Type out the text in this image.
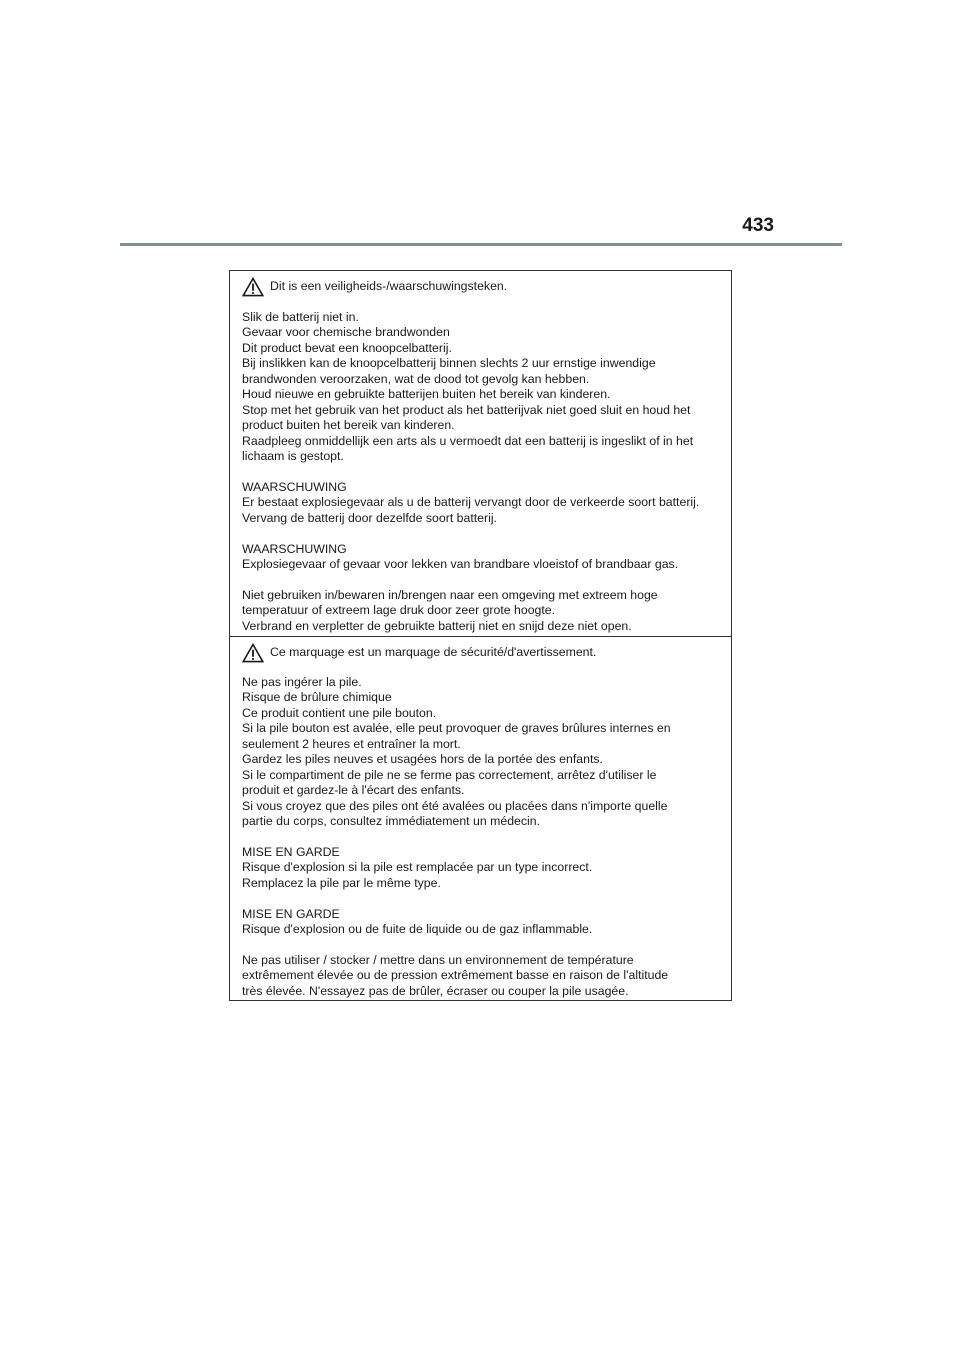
433
Dit is een veiligheids-/waarschuwingsteken.
Slik de batterij niet in.
Gevaar voor chemische brandwonden
Dit product bevat een knoopcelbatterij.
Bij inslikken kan de knoopcelbatterij binnen slechts 2 uur ernstige inwendige
brandwonden veroorzaken, wat de dood tot gevolg kan hebben.
Houd nieuwe en gebruikte batterijen buiten het bereik van kinderen.
Stop met het gebruik van het product als het batterijvak niet goed sluit en houd het
product buiten het bereik van kinderen.
Raadpleeg onmiddellijk een arts als u vermoedt dat een batterij is ingeslikt of in het
lichaam is gestopt.
WAARSCHUWING
Er bestaat explosiegevaar als u de batterij vervangt door de verkeerde soort batterij.
Vervang de batterij door dezelfde soort batterij.
WAARSCHUWING
Explosiegevaar of gevaar voor lekken van brandbare vloeistof of brandbaar gas.
Niet gebruiken in/bewaren in/brengen naar een omgeving met extreem hoge
temperatuur of extreem lage druk door zeer grote hoogte.
Verbrand en verpletter de gebruikte batterij niet en snijd deze niet open.
Ce marquage est un marquage de sécurité/d'avertissement.
Ne pas ingérer la pile.
Risque de brûlure chimique
Ce produit contient une pile bouton.
Si la pile bouton est avalée, elle peut provoquer de graves brûlures internes en
seulement 2 heures et entraîner la mort.
Gardez les piles neuves et usagées hors de la portée des enfants.
Si le compartiment de pile ne se ferme pas correctement, arrêtez d'utiliser le
produit et gardez-le à l'écart des enfants.
Si vous croyez que des piles ont été avalées ou placées dans n'importe quelle
partie du corps, consultez immédiatement un médecin.
MISE EN GARDE
Risque d'explosion si la pile est remplacée par un type incorrect.
Remplacez la pile par le même type.
MISE EN GARDE
Risque d'explosion ou de fuite de liquide ou de gaz inflammable.
Ne pas utiliser / stocker / mettre dans un environnement de température
extrêmement élevée ou de pression extrêmement basse en raison de l'altitude
très élevée. N'essayez pas de brûler, écraser ou couper la pile usagée.
